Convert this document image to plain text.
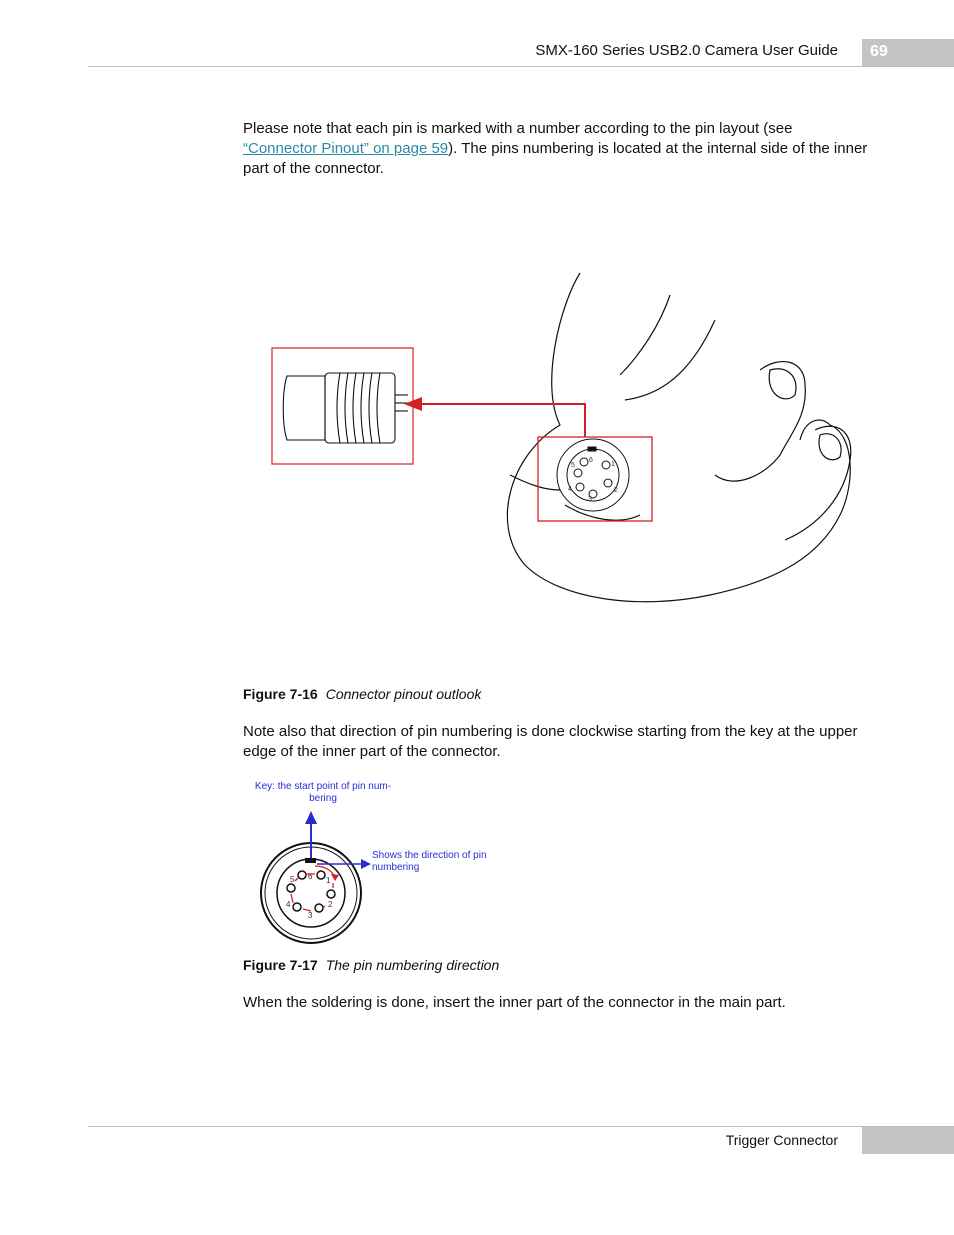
SMX-160 Series USB2.0 Camera User Guide 69
Please note that each pin is marked with a number according to the pin layout (see “Connector Pinout” on page 59). The pins numbering is located at the internal side of the inner part of the connector.
6
1
5
4	2
3
Figure 7-16 Connector pinout outlook
Note also that direction of pin numbering is done clockwise starting from the key at the upper edge of the inner part of the connector.
Key: the start point of pin num-
bering
Shows the direction of pin
numbering
6 1
5
4	2
3
Figure 7-17 The pin numbering direction
When the soldering is done, insert the inner part of the connector in the main part.
Trigger Connector
